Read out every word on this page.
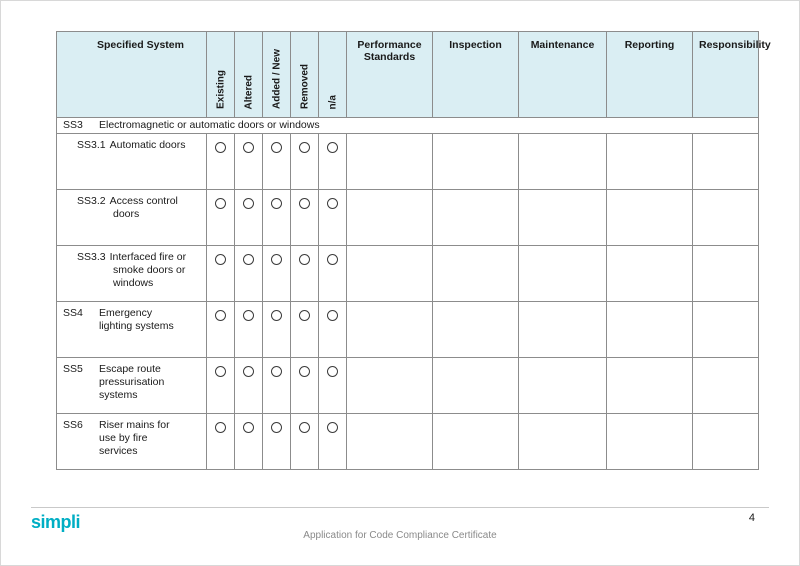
Specified System	Existing	Altered	Added / New	Removed	n/a	Performance Standards	Inspection	Maintenance	Reporting	Responsibility

SS3 Electromagnetic or automatic doors or windows										

SS3.1 Automatic doors										

SS3.2 Access control doors										

SS3.3 Interfaced fire or smoke doors or windows										

SS4 Emergency lighting systems										

SS5 Escape route pressurisation systems										

SS6 Riser mains for use by fire services										

simpli
Application for Code Compliance Certificate
4
